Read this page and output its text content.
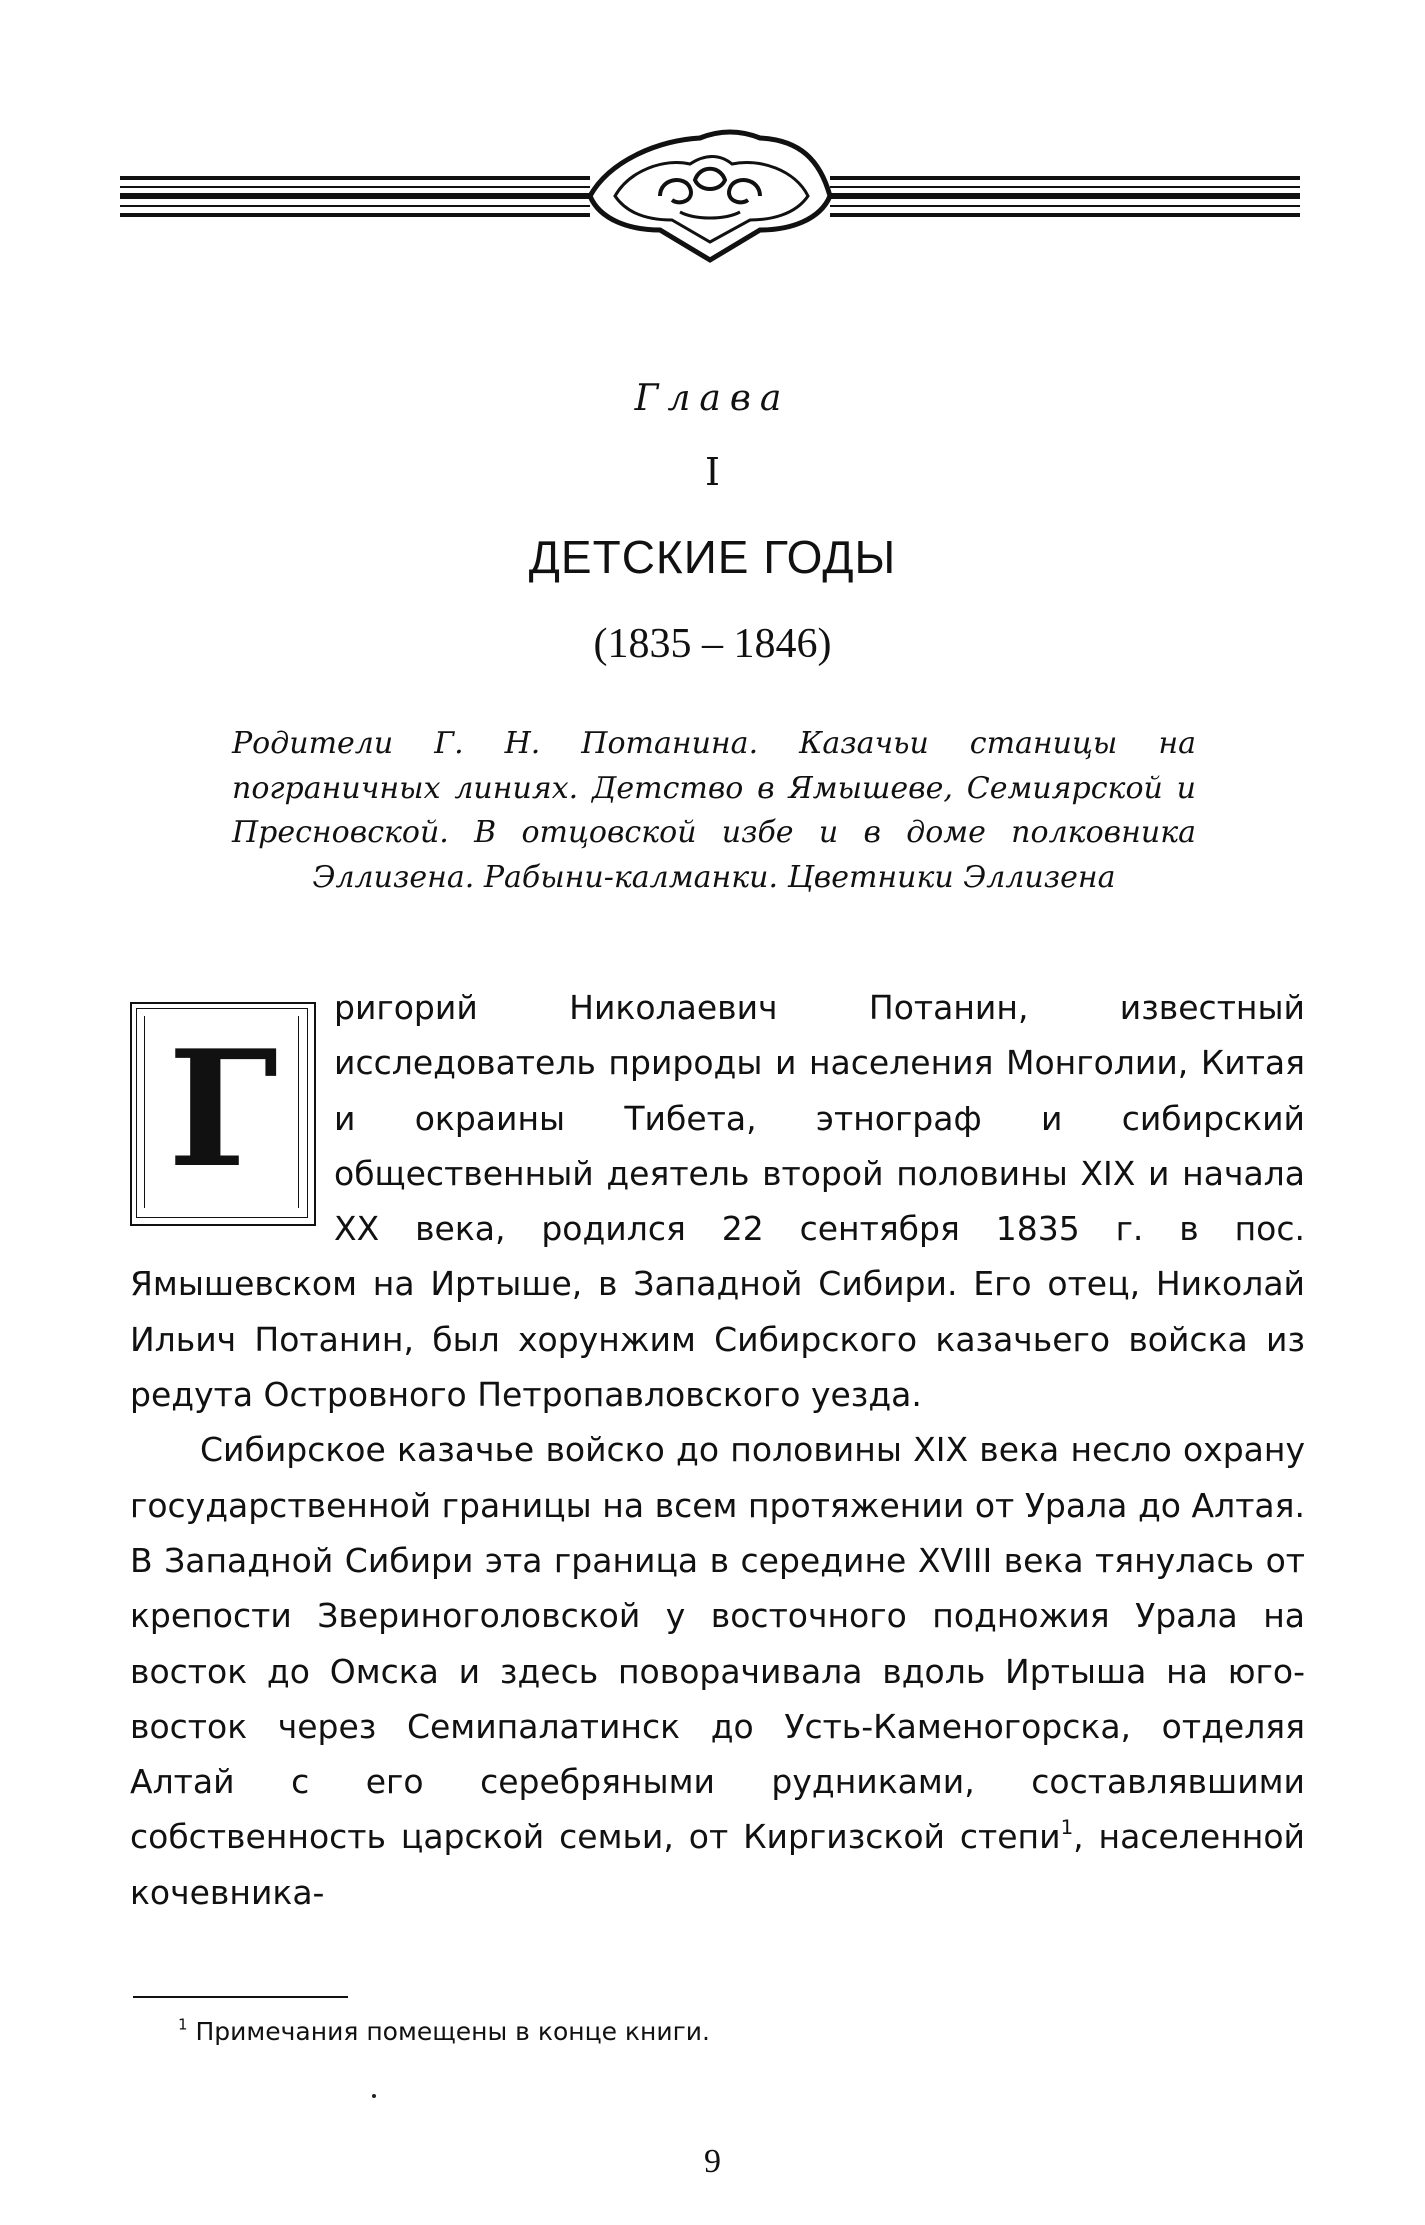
Глава
I
ДЕТСКИЕ ГОДЫ
(1835 – 1846)
Родители Г. Н. Потанина. Казачьи станицы на пограничных линиях. Детство в Ямышеве, Семиярской и Пресновской. В отцовской избе и в доме полковника Эллизена. Рабыни-калманки. Цветники Эллизена

Г
ригорий Николаевич Потанин, известный исследователь природы и населения Монголии, Китая и окраины Тибета, этнограф и сибирский общественный деятель второй половины XIX и начала XX века, родился 22 сентября 1835 г. в пос. Ямышевском на Иртыше, в Западной Сибири. Его отец, Николай Ильич Потанин, был хорунжим Сибирского казачьего войска из редута Островного Петропавловского уезда.

Сибирское казачье войско до половины XIX века несло охрану государственной границы на всем протяжении от Урала до Алтая. В Западной Сибири эта граница в середине XVIII века тянулась от крепости Звериноголовской у восточного подножия Урала на восток до Омска и здесь поворачивала вдоль Иртыша на юго-восток через Семипалатинск до Усть-Каменогорска, отделяя Алтай с его серебряными рудниками, составлявшими собственность царской семьи, от Киргизской степи$^1$, населенной кочевника-

$^1$ Примечания помещены в конце книги.
9
